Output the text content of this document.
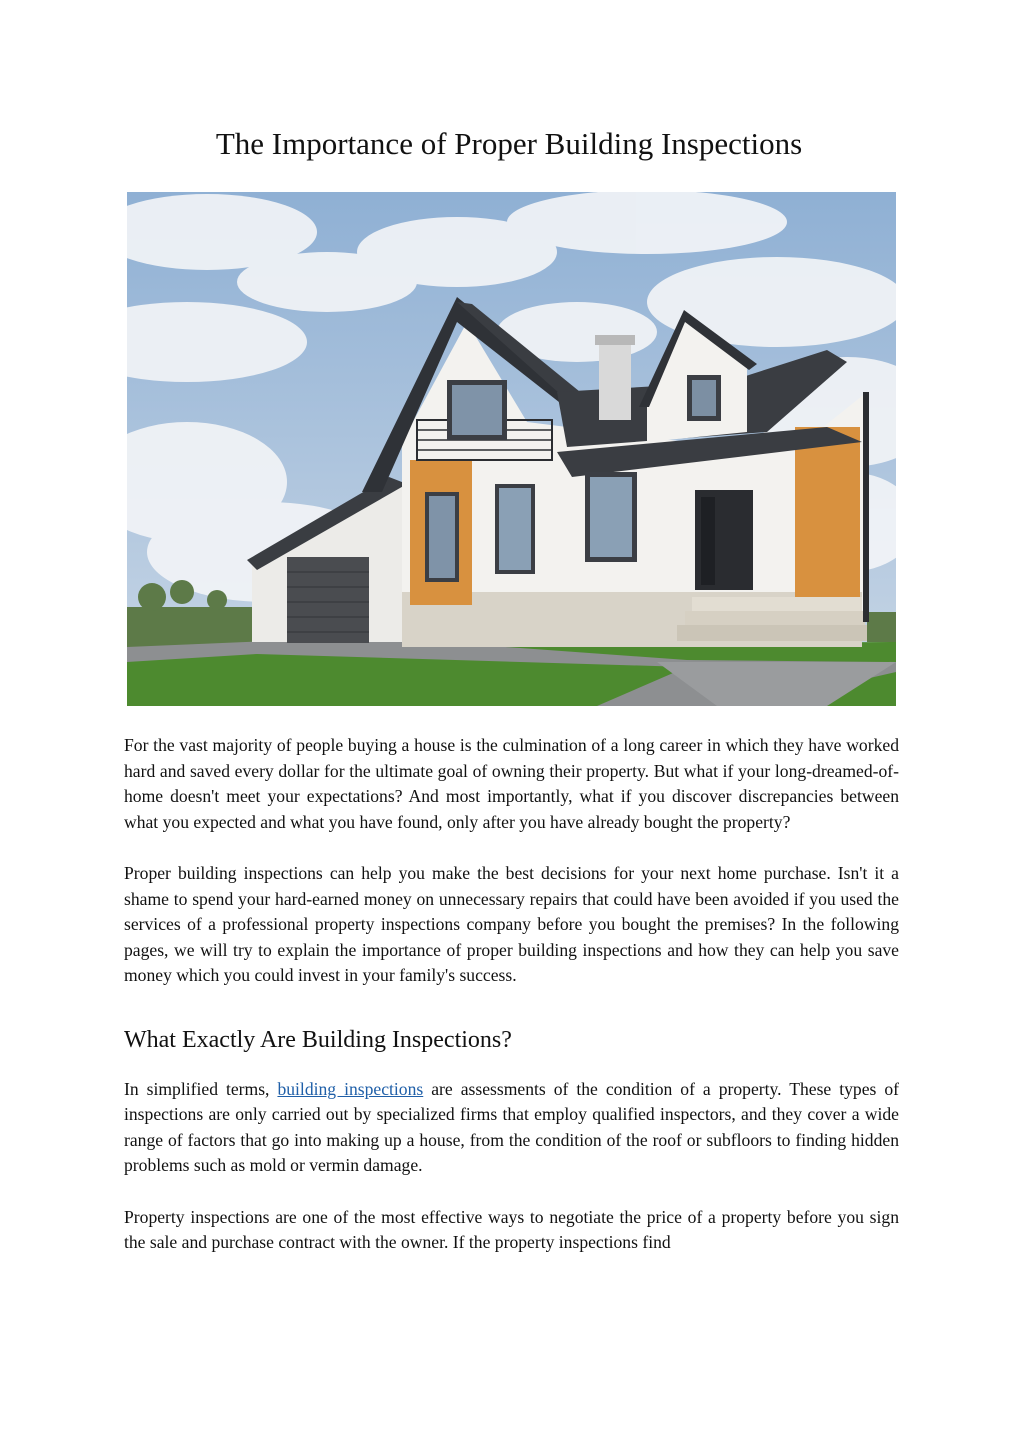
The Importance of Proper Building Inspections

For the vast majority of people buying a house is the culmination of a long career in which they have worked hard and saved every dollar for the ultimate goal of owning their property. But what if your long-dreamed-of-home doesn't meet your expectations? And most importantly, what if you discover discrepancies between what you expected and what you have found, only after you have already bought the property?

Proper building inspections can help you make the best decisions for your next home purchase. Isn't it a shame to spend your hard-earned money on unnecessary repairs that could have been avoided if you used the services of a professional property inspections company before you bought the premises? In the following pages, we will try to explain the importance of proper building inspections and how they can help you save money which you could invest in your family's success.

What Exactly Are Building Inspections?

In simplified terms, building inspections are assessments of the condition of a property. These types of inspections are only carried out by specialized firms that employ qualified inspectors, and they cover a wide range of factors that go into making up a house, from the condition of the roof or subfloors to finding hidden problems such as mold or vermin damage.

Property inspections are one of the most effective ways to negotiate the price of a property before you sign the sale and purchase contract with the owner. If the property inspections find
